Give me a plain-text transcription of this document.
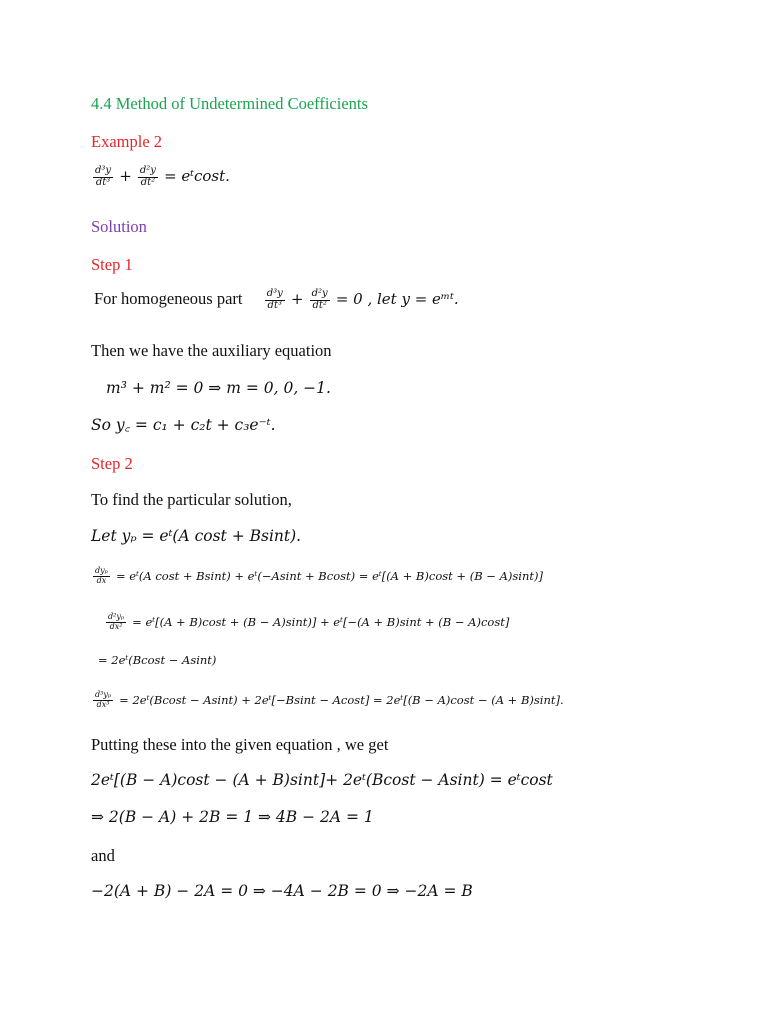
4.4 Method of Undetermined Coefficients
Example 2
$\frac{\text{d³y}}{\text{dt³}} + \frac{\text{d²y}}{\text{dt²}}$ = eᵗcost.
Solution
Step 1
For homogeneous part $\frac{\text{d³y}}{\text{dt³}} + \frac{\text{d²y}}{\text{dt²}} = 0$ , let y = eᵐᵗ.
Then we have the auxiliary equation
m³ + m² = 0 ⇒ m = 0, 0, −1.
So y꜀ = c₁ + c₂t + c₃e⁻ᵗ.
Step 2
To find the particular solution,
Let yₚ = eᵗ(A cost + Bsint).
$\frac{\text{dyₚ}}{dx}$ = eᵗ(A cost + Bsint) + eᵗ(−Asint + Bcost) = eᵗ[(A + B)cost + (B − A)sint)]
$\frac{\text{d²yₚ}}{\text{dx²}}$ = eᵗ[(A + B)cost + (B − A)sint)] + eᵗ[−(A + B)sint + (B − A)cost]
= 2eᵗ(Bcost − Asint)
$\frac{\text{d³yₚ}}{\text{dx³}}$ = 2eᵗ(Bcost − Asint) + 2eᵗ[−Bsint − Acost] = 2eᵗ[(B − A)cost − (A + B)sint].
Putting these into the given equation , we get
2eᵗ[(B − A)cost − (A + B)sint]+ 2eᵗ(Bcost − Asint) = eᵗcost
⇒ 2(B − A) + 2B = 1 ⇒ 4B − 2A = 1
and
−2(A + B) − 2A = 0 ⇒ −4A − 2B = 0 ⇒ −2A = B
